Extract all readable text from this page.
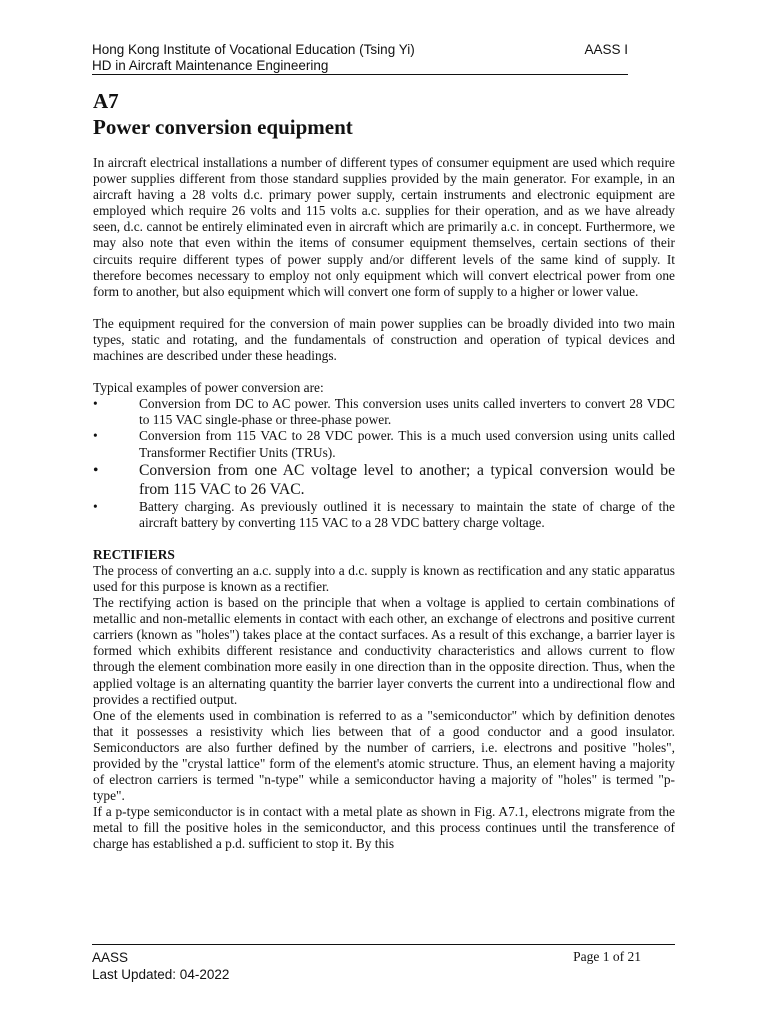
Hong Kong Institute of Vocational Education (Tsing Yi)	AASS I
HD in Aircraft Maintenance Engineering
A7
Power conversion equipment

In aircraft electrical installations a number of different types of consumer equipment are used which require power supplies different from those standard supplies provided by the main generator. For example, in an aircraft having a 28 volts d.c. primary power supply, certain instruments and electronic equipment are employed which require 26 volts and 115 volts a.c. supplies for their operation, and as we have already seen, d.c. cannot be entirely eliminated even in aircraft which are primarily a.c. in concept. Furthermore, we may also note that even within the items of consumer equipment themselves, certain sections of their circuits require different types of power supply and/or different levels of the same kind of supply. It therefore becomes necessary to employ not only equipment which will convert electrical power from one form to another, but also equipment which will convert one form of supply to a higher or lower value.

The equipment required for the conversion of main power supplies can be broadly divided into two main types, static and rotating, and the fundamentals of construction and operation of typical devices and machines are described under these headings.

Typical examples of power conversion are:

•	Conversion from DC to AC power. This conversion uses units called inverters to convert 28 VDC to 115 VAC single-phase or three-phase power.
•	Conversion from 115 VAC to 28 VDC power. This is a much used conversion using units called Transformer Rectifier Units (TRUs).
•	Conversion from one AC voltage level to another; a typical conversion would be from 115 VAC to 26 VAC.
•	Battery charging. As previously outlined it is necessary to maintain the state of charge of the aircraft battery by converting 115 VAC to a 28 VDC battery charge voltage.

RECTIFIERS

The process of converting an a.c. supply into a d.c. supply is known as rectification and any static apparatus used for this purpose is known as a rectifier.

The rectifying action is based on the principle that when a voltage is applied to certain combinations of metallic and non-metallic elements in contact with each other, an exchange of electrons and positive current carriers (known as "holes") takes place at the contact surfaces. As a result of this exchange, a barrier layer is formed which exhibits different resistance and conductivity characteristics and allows current to flow through the element combination more easily in one direction than in the opposite direction. Thus, when the applied voltage is an alternating quantity the barrier layer converts the current into a undirectional flow and provides a rectified output.

One of the elements used in combination is referred to as a "semiconductor" which by definition denotes that it possesses a resistivity which lies between that of a good conductor and a good insulator. Semiconductors are also further defined by the number of carriers, i.e. electrons and positive "holes", provided by the "crystal lattice" form of the element's atomic structure. Thus, an element having a majority of electron carriers is termed "n-type" while a semiconductor having a majority of "holes" is termed "p-type".

If a p-type semiconductor is in contact with a metal plate as shown in Fig. A7.1, electrons migrate from the metal to fill the positive holes in the semiconductor, and this process continues until the transference of charge has established a p.d. sufficient to stop it. By this

AASS
Last Updated: 04-2022
Page 1 of 21
